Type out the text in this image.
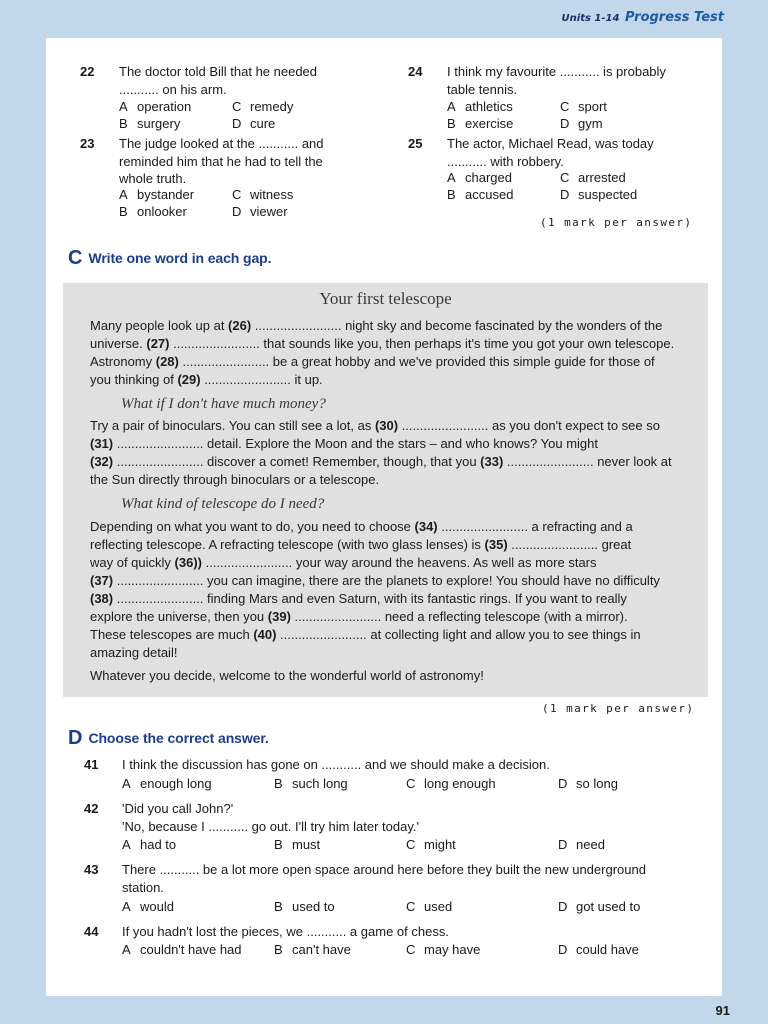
Units 1-14 Progress Test
22 The doctor told Bill that he needed
........... on his arm.
A operation	C remedy
B surgery	D cure
23 The judge looked at the ........... and
reminded him that he had to tell the
whole truth.
A bystander	C witness
B onlooker	D viewer
24 I think my favourite ........... is probably
table tennis.
A athletics	C sport
B exercise	D gym
25 The actor, Michael Read, was today
........... with robbery.
A charged	C arrested
B accused	D suspected
(1 mark per answer)
C Write one word in each gap.
Your first telescope
Many people look up at (26) ........................ night sky and become fascinated by the wonders of the
universe. (27) ........................ that sounds like you, then perhaps it's time you got your own telescope.
Astronomy (28) ........................ be a great hobby and we've provided this simple guide for those of
you thinking of (29) ........................ it up.
What if I don't have much money?
Try a pair of binoculars. You can still see a lot, as (30) ........................ as you don't expect to see so
(31) ........................ detail. Explore the Moon and the stars – and who knows? You might
(32) ........................ discover a comet! Remember, though, that you (33) ........................ never look at
the Sun directly through binoculars or a telescope.
What kind of telescope do I need?
Depending on what you want to do, you need to choose (34) ........................ a refracting and a
reflecting telescope. A refracting telescope (with two glass lenses) is (35) ........................ great
way of quickly (36)) ........................ your way around the heavens. As well as more stars
(37) ........................ you can imagine, there are the planets to explore! You should have no difficulty
(38) ........................ finding Mars and even Saturn, with its fantastic rings. If you want to really
explore the universe, then you (39) ........................ need a reflecting telescope (with a mirror).
These telescopes are much (40) ........................ at collecting light and allow you to see things in
amazing detail!
Whatever you decide, welcome to the wonderful world of astronomy!
(1 mark per answer)
D Choose the correct answer.
41 I think the discussion has gone on ........... and we should make a decision.
A enough long	B such long	C long enough	D so long
42 'Did you call John?'
'No, because I ........... go out. I'll try him later today.'
A had to	B must	C might	D need
43 There ........... be a lot more open space around here before they built the new underground
station.
A would	B used to	C used	D got used to
44 If you hadn't lost the pieces, we ........... a game of chess.
A couldn't have had B can't have	C may have	D could have
91
